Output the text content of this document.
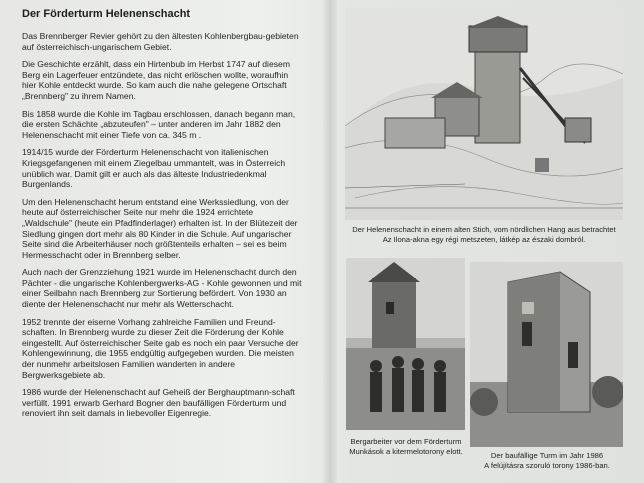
Der Förderturm Helenenschacht

Das Brennberger Revier gehört zu den ältesten Kohlenbergbau-gebieten auf österreichisch-ungarischem Gebiet.

Die Geschichte erzählt, dass ein Hirtenbub im Herbst 1747 auf diesem Berg ein Lagerfeuer entzündete, das nicht erlöschen wollte, woraufhin hier Kohle entdeckt wurde. So kam auch die nahe gelegene Ortschaft „Brennberg" zu ihrem Namen.

Bis 1858 wurde die Kohle im Tagbau erschlossen, danach begann man, die ersten Schächte „abzuteufen" – unter anderen im Jahr 1882 den Helenenschacht mit einer Tiefe von ca. 345 m .

1914/15 wurde der Förderturm Helenenschacht von italienischen Kriegsgefangenen mit einem Ziegelbau ummantelt, was in Österreich unüblich war. Damit gilt er auch als das älteste Industriedenkmal Burgenlands.

Um den Helenenschacht herum entstand eine Werkssiedlung, von der heute auf österreichischer Seite nur mehr die 1924 errichtete „Waldschule" (heute ein Pfadfinderlager) erhalten ist. In der Blütezeit der Siedlung gingen dort mehr als 80 Kinder in die Schule. Auf ungarischer Seite sind die Arbeiterhäuser noch größtenteils erhalten – sei es beim Hermesschacht oder in Brennberg selber.

Auch nach der Grenzziehung 1921 wurde im Helenenschacht durch den Pächter - die ungarische Kohlenbergwerks-AG - Kohle gewonnen und mit einer Seilbahn nach Brennberg zur Sortierung befördert. Von 1930 an diente der Helenenschacht nur mehr als Wetterschacht.

1952 trennte der eiserne Vorhang zahlreiche Familien und Freund-schaften. In Brennberg wurde zu dieser Zeit die Förderung der Kohle eingestellt. Auf österreichischer Seite gab es noch ein paar Versuche der Kohlengewinnung, die 1955 endgültig aufgegeben wurden. Die meisten der nunmehr arbeitslosen Familien wanderten in andere Bergwerksgebiete ab.

1986 wurde der Helenenschacht auf Geheiß der Berghauptmann-schaft verfüllt. 1991 erwarb Gerhard Bogner den baufälligen Förderturm und renoviert ihn seit damals in liebevoller Eigenregie.

Der Helenenschacht in einem alten Stich, vom nördlichen Hang aus betrachtet
Az Ilona-akna egy régi metszeten, látkép az északi dombról.
Bergarbeiter vor dem Förderturm
Munkások a kitermelotorony elott.	Der baufällige Turm im Jahr 1986
A felújításra szoruló torony 1986-ban.
